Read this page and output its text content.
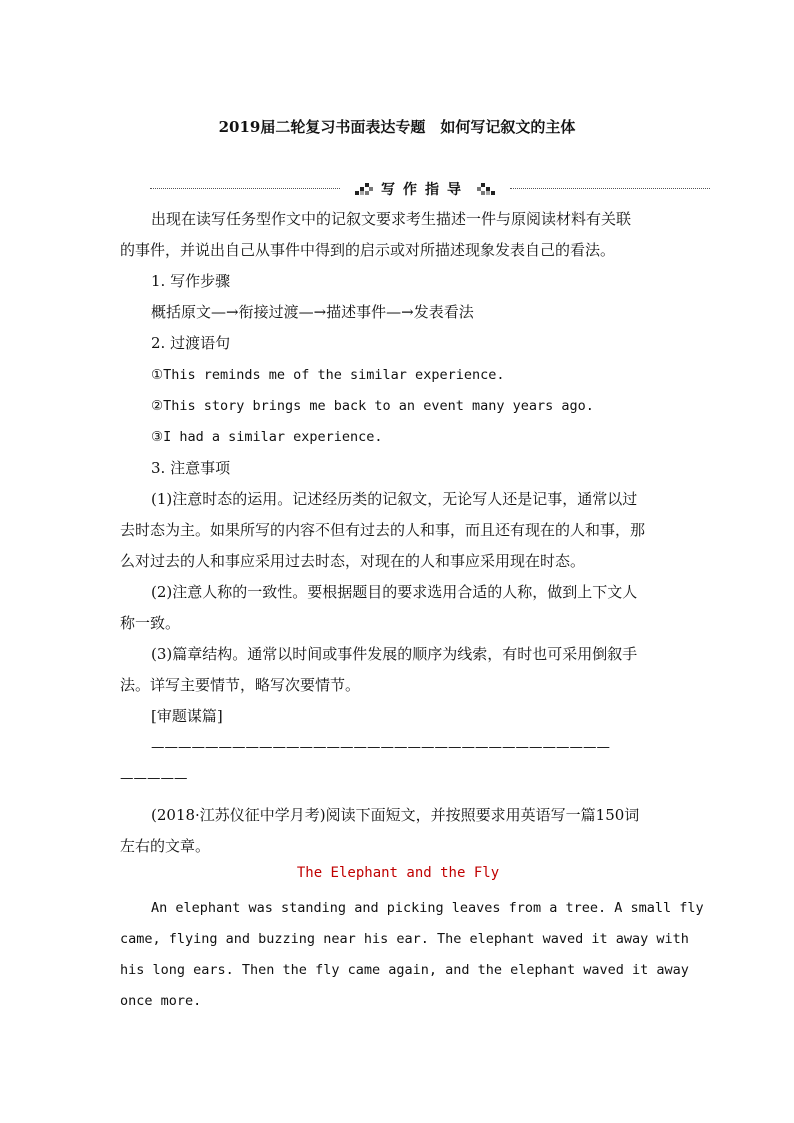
2019届二轮复习书面表达专题　如何写记叙文的主体
写作指导
出现在读写任务型作文中的记叙文要求考生描述一件与原阅读材料有关联
的事件，并说出自己从事件中得到的启示或对所描述现象发表自己的看法。
1. 写作步骤
概括原文—→衔接过渡—→描述事件—→发表看法
2. 过渡语句
①This reminds me of the similar experience.
②This story brings me back to an event many years ago.
③I had a similar experience.
3. 注意事项
(1)注意时态的运用。记述经历类的记叙文，无论写人还是记事，通常以过
去时态为主。如果所写的内容不但有过去的人和事，而且还有现在的人和事，那
么对过去的人和事应采用过去时态，对现在的人和事应采用现在时态。
(2)注意人称的一致性。要根据题目的要求选用合适的人称，做到上下文人
称一致。
(3)篇章结构。通常以时间或事件发展的顺序为线索，有时也可采用倒叙手
法。详写主要情节，略写次要情节。
[审题谋篇]
——————————————————————————————————
—————
(2018·江苏仪征中学月考)阅读下面短文，并按照要求用英语写一篇150词
左右的文章。
The Elephant and the Fly
An elephant was standing and picking leaves from a tree. A small fly
came, flying and buzzing near his ear. The elephant waved it away with
his long ears. Then the fly came again, and the elephant waved it away
once more.
